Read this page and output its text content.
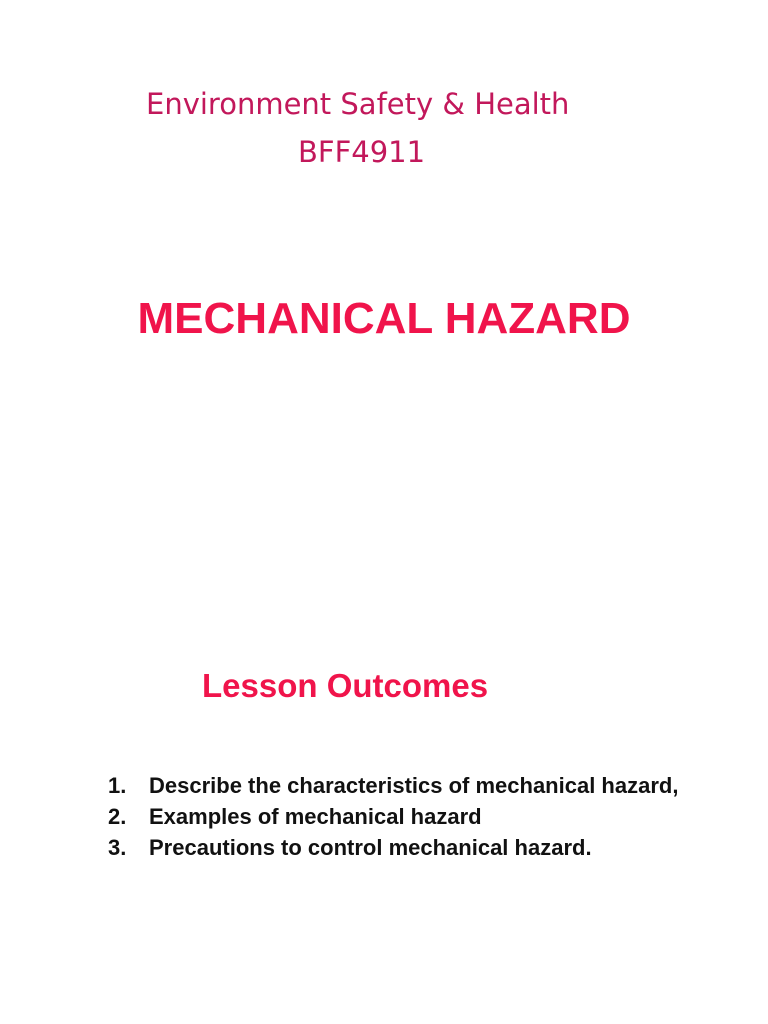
Environment Safety & Health
BFF4911
MECHANICAL HAZARD
Lesson Outcomes
1. Describe the characteristics of mechanical hazard,
2. Examples of mechanical hazard
3. Precautions to control mechanical hazard.
